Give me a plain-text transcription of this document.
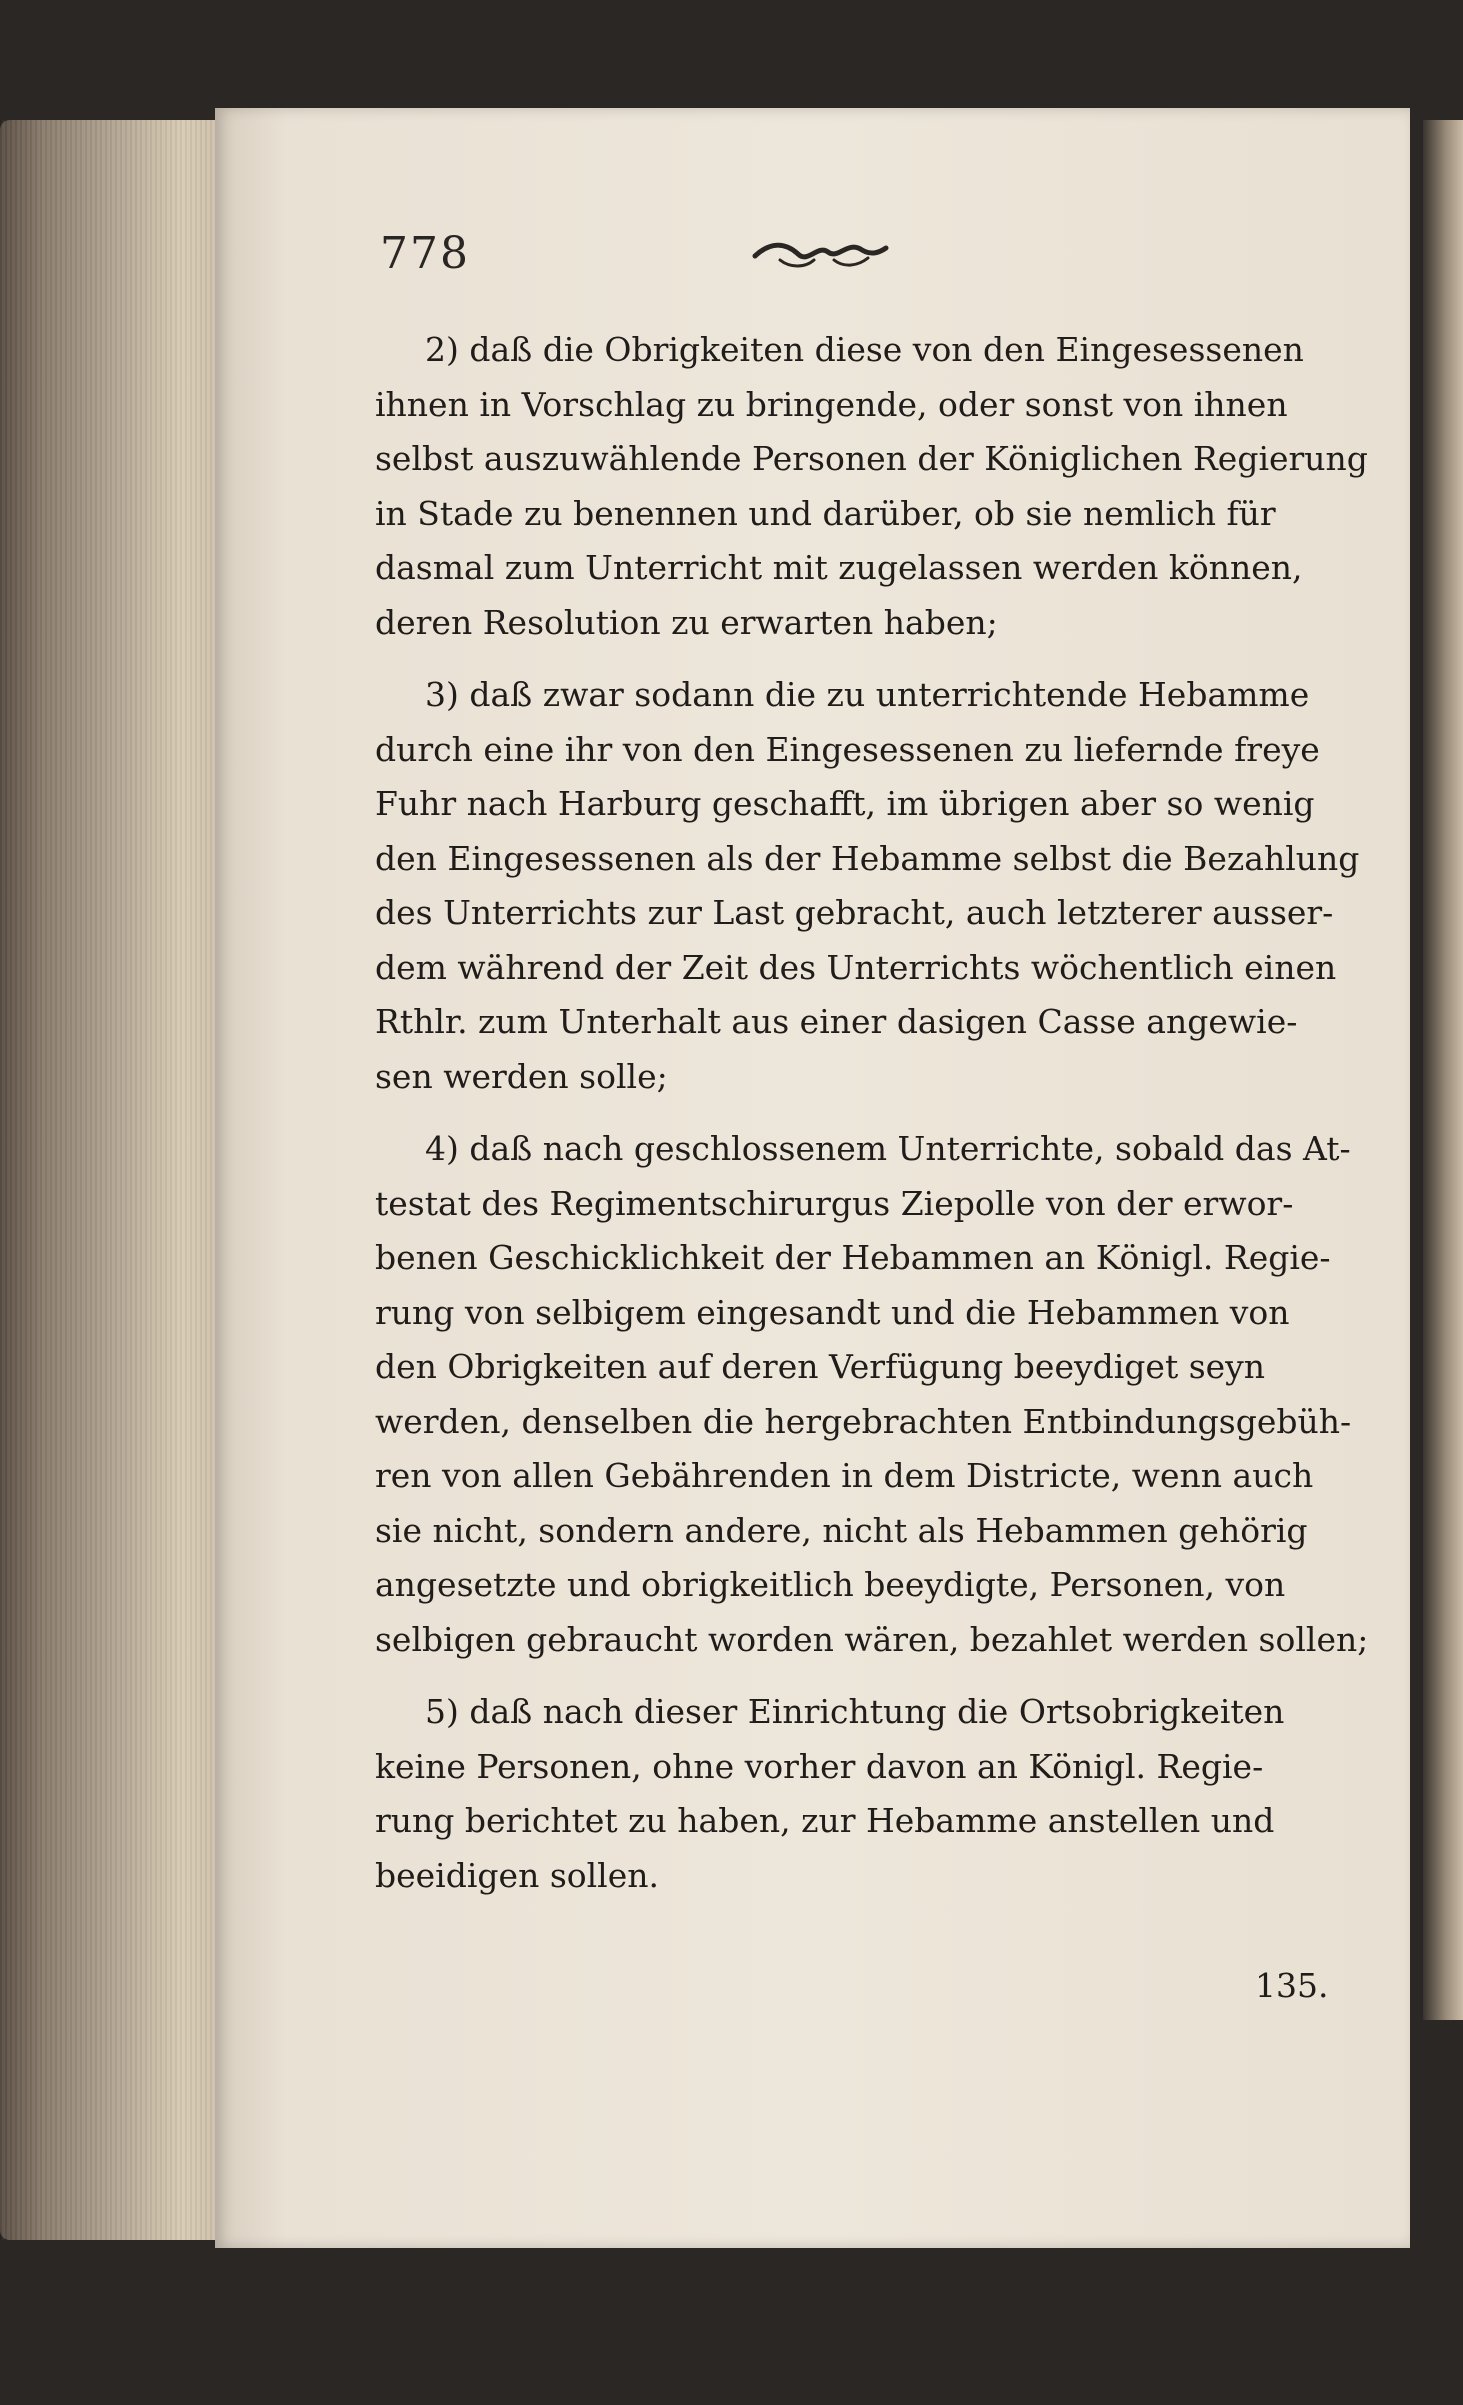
778
2) daß die Obrigkeiten diese von den Eingesessenen
ihnen in Vorschlag zu bringende, oder sonst von ihnen
selbst auszuwählende Personen der Königlichen Regierung
in Stade zu benennen und darüber, ob sie nemlich für
dasmal zum Unterricht mit zugelassen werden können,
deren Resolution zu erwarten haben;
3) daß zwar sodann die zu unterrichtende Hebamme
durch eine ihr von den Eingesessenen zu liefernde freye
Fuhr nach Harburg geschafft, im übrigen aber so wenig
den Eingesessenen als der Hebamme selbst die Bezahlung
des Unterrichts zur Last gebracht, auch letzterer ausser-
dem während der Zeit des Unterrichts wöchentlich einen
Rthlr. zum Unterhalt aus einer dasigen Casse angewie-
sen werden solle;
4) daß nach geschlossenem Unterrichte, sobald das At-
testat des Regimentschirurgus Ziepolle von der erwor-
benen Geschicklichkeit der Hebammen an Königl. Regie-
rung von selbigem eingesandt und die Hebammen von
den Obrigkeiten auf deren Verfügung beeydiget seyn
werden, denselben die hergebrachten Entbindungsgebüh-
ren von allen Gebährenden in dem Districte, wenn auch
sie nicht, sondern andere, nicht als Hebammen gehörig
angesetzte und obrigkeitlich beeydigte, Personen, von
selbigen gebraucht worden wären, bezahlet werden sollen;
5) daß nach dieser Einrichtung die Ortsobrigkeiten
keine Personen, ohne vorher davon an Königl. Regie-
rung berichtet zu haben, zur Hebamme anstellen und
beeidigen sollen.
135.
